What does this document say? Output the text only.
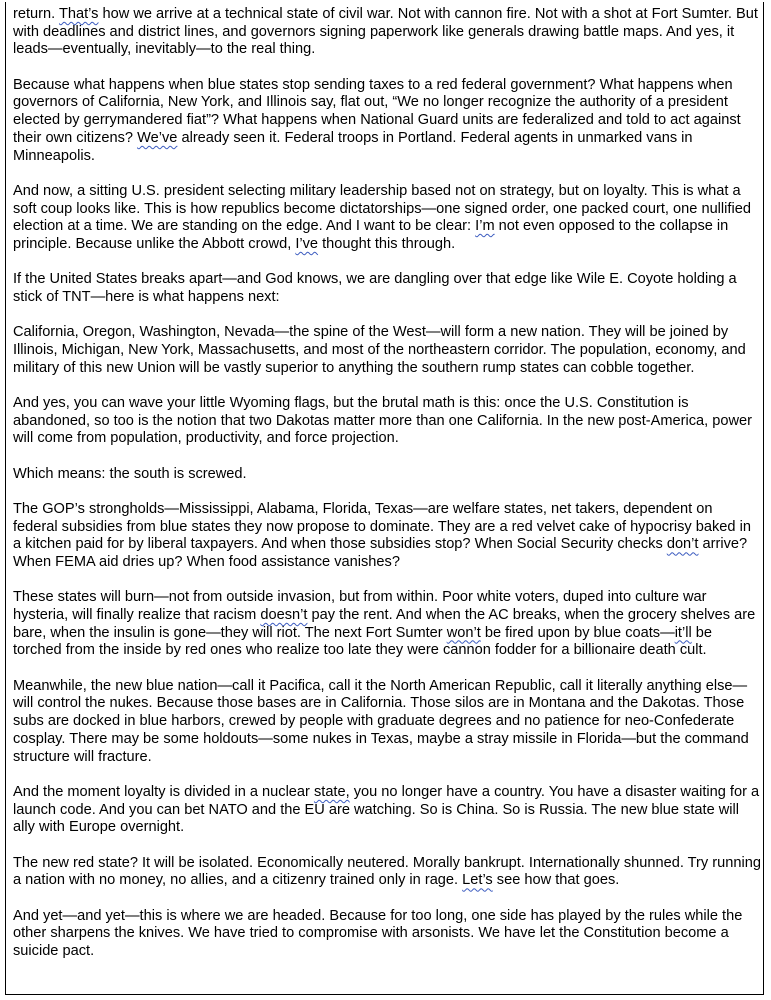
return. That’s how we arrive at a technical state of civil war. Not with cannon fire. Not with a shot at Fort Sumter. But with deadlines and district lines, and governors signing paperwork like generals drawing battle maps. And yes, it leads—eventually, inevitably—to the real thing.

Because what happens when blue states stop sending taxes to a red federal government? What happens when governors of California, New York, and Illinois say, flat out, “We no longer recognize the authority of a president elected by gerrymandered fiat”? What happens when National Guard units are federalized and told to act against their own citizens? We’ve already seen it. Federal troops in Portland. Federal agents in unmarked vans in Minneapolis.

And now, a sitting U.S. president selecting military leadership based not on strategy, but on loyalty. This is what a soft coup looks like. This is how republics become dictatorships—one signed order, one packed court, one nullified election at a time. We are standing on the edge. And I want to be clear: I’m not even opposed to the collapse in principle. Because unlike the Abbott crowd, I’ve thought this through.

If the United States breaks apart—and God knows, we are dangling over that edge like Wile E. Coyote holding a stick of TNT—here is what happens next:

California, Oregon, Washington, Nevada—the spine of the West—will form a new nation. They will be joined by Illinois, Michigan, New York, Massachusetts, and most of the northeastern corridor. The population, economy, and military of this new Union will be vastly superior to anything the southern rump states can cobble together.

And yes, you can wave your little Wyoming flags, but the brutal math is this: once the U.S. Constitution is abandoned, so too is the notion that two Dakotas matter more than one California. In the new post-America, power will come from population, productivity, and force projection.

Which means: the south is screwed.

The GOP’s strongholds—Mississippi, Alabama, Florida, Texas—are welfare states, net takers, dependent on federal subsidies from blue states they now propose to dominate. They are a red velvet cake of hypocrisy baked in a kitchen paid for by liberal taxpayers. And when those subsidies stop? When Social Security checks don’t arrive? When FEMA aid dries up? When food assistance vanishes?

These states will burn—not from outside invasion, but from within. Poor white voters, duped into culture war hysteria, will finally realize that racism doesn’t pay the rent. And when the AC breaks, when the grocery shelves are bare, when the insulin is gone—they will riot. The next Fort Sumter won’t be fired upon by blue coats—it’ll be torched from the inside by red ones who realize too late they were cannon fodder for a billionaire death cult.

Meanwhile, the new blue nation—call it Pacifica, call it the North American Republic, call it literally anything else—will control the nukes. Because those bases are in California. Those silos are in Montana and the Dakotas. Those subs are docked in blue harbors, crewed by people with graduate degrees and no patience for neo-Confederate cosplay. There may be some holdouts—some nukes in Texas, maybe a stray missile in Florida—but the command structure will fracture.

And the moment loyalty is divided in a nuclear state, you no longer have a country. You have a disaster waiting for a launch code. And you can bet NATO and the EU are watching. So is China. So is Russia. The new blue state will ally with Europe overnight.

The new red state? It will be isolated. Economically neutered. Morally bankrupt. Internationally shunned. Try running a nation with no money, no allies, and a citizenry trained only in rage. Let’s see how that goes.

And yet—and yet—this is where we are headed. Because for too long, one side has played by the rules while the other sharpens the knives. We have tried to compromise with arsonists. We have let the Constitution become a suicide pact.
